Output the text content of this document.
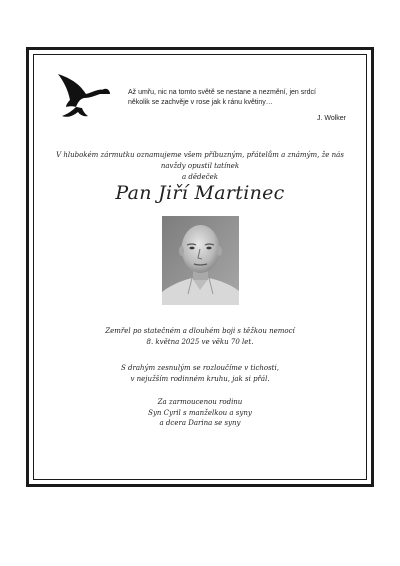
Až umřu, nic na tomto světě se nestane a nezmění, jen srdcí
několik se zachvěje v rose jak k ránu květiny…
J. Wolker
V hlubokém zármutku oznamujeme všem příbuzným, přátelům a známým, že nás navždy opustil tatínek
a dědeček
Pan Jiří Martinec
Zemřel po statečném a dlouhém boji s těžkou nemocí
8. května 2025 ve věku 70 let.
S drahým zesnulým se rozloučíme v tichosti,
v nejužším rodinném kruhu, jak si přál.
Za zarmoucenou rodinu
Syn Cyril s manželkou a syny
a dcera Darina se syny
